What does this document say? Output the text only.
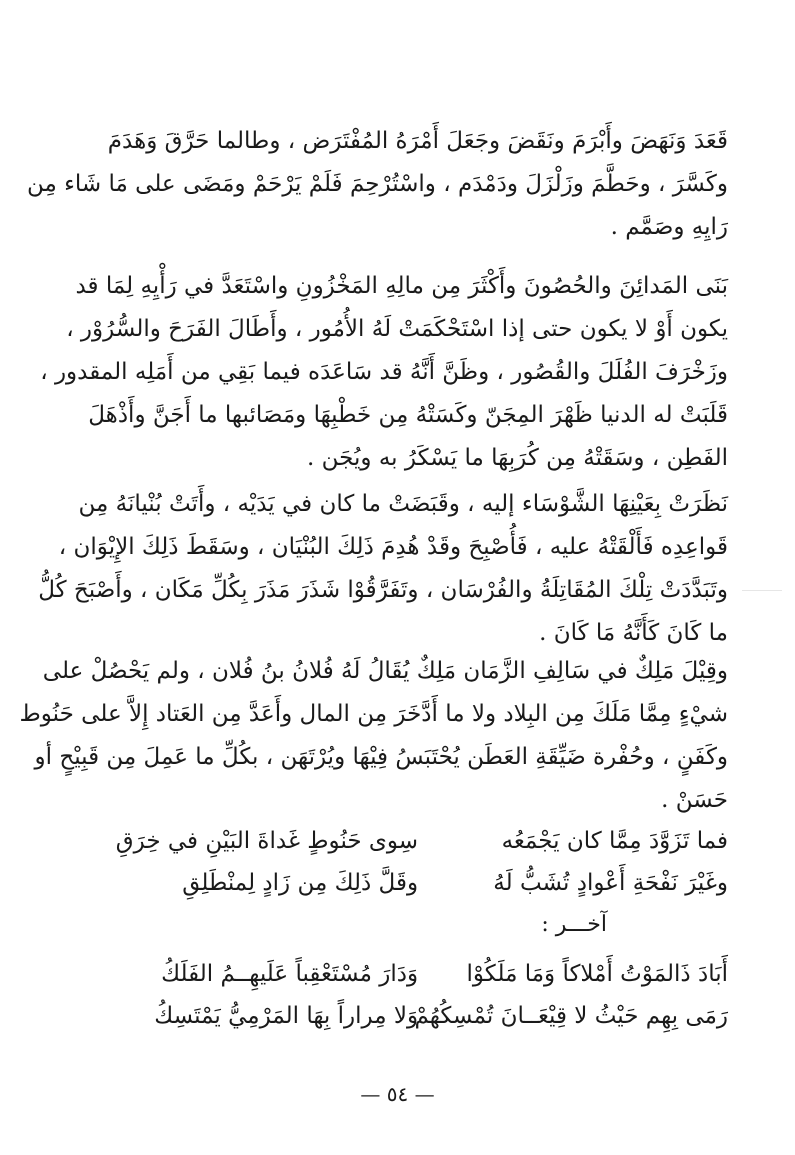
قَعَدَ وَنَهَضَ وأَبْرَمَ ونَقَضَ وجَعَلَ أَمْرَهُ المُفْتَرَض ، وطالما حَرَّقَ وَهَدَمَ
وكَسَّرَ ، وحَطَّمَ وزَلْزَلَ ودَمْدَم ، واسْتُرْحِمَ فَلَمْ يَرْحَمْ ومَضَى على مَا شَاء مِن
رَايِهِ وصَمَّم .
بَنَى المَدائِنَ والحُصُونَ وأَكْثَرَ مِن مالِهِ المَخْزُونِ واسْتَعَدَّ في رَأْيِهِ لِمَا قد
يكون أَوْ لا يكون حتى إذا اسْتَحْكَمَتْ لَهُ الأُمُور ، وأَطَالَ الفَرَحَ والسُّرُوْر ،
وزَخْرَفَ الفُلَلَ والقُصُور ، وظَنَّ أَنَّهُ قد سَاعَدَه فيما بَقِي من أَمَلِه المقدور ،
قَلَبَتْ له الدنيا ظَهْرَ المِجَنّ وكَسَتْهُ مِن خَطْبِهَا ومَصَائبها ما أَجَنَّ وأَذْهَلَ
الفَطِن ، وسَقَتْهُ مِن كُرَبِهَا ما يَسْكَرُ به ويُجَن .
نَظَرَتْ بِعَيْنِهَا الشَّوْسَاء إليه ، وقَبَضَتْ ما كان في يَدَيْه ، وأَتَتْ بُنْيانَهُ مِن
قَواعِدِه فَأَلْقَتْهُ عليه ، فَأُصْبِحَ وقَدْ هُدِمَ ذَلِكَ البُنْيَان ، وسَقَطَ ذَلِكَ الإِيْوَان ،
وتَبَدَّدَتْ تِلْكَ المُقَاتِلَةُ والفُرْسَان ، وتَفَرَّقُوْا شَذَرَ مَذَرَ بِكُلِّ مَكَان ، وأَصْبَحَ كُلُّ
ما كَانَ كَأَنَّهُ مَا كَانَ .
وقِيْلَ مَلِكٌ في سَالِفِ الزَّمَان مَلِكٌ يُقَالُ لَهُ فُلانُ بنُ فُلان ، ولم يَحْصُلْ على
شيْءٍ مِمَّا مَلَكَ مِن البِلاد ولا ما أَدَّخَرَ مِن المال وأَعَدَّ مِن العَتاد إِلاَّ على حَنُوط
وكَفَنٍ ، وحُفْرة ضَيِّقَةِ العَطَن يُحْتَبَسُ فِيْهَا ويُرْتَهَن ، بكُلِّ ما عَمِلَ مِن قَبِيْحٍ أو
حَسَنْ .
فما تَزَوَّدَ مِمَّا كان يَجْمَعُه
سِوى حَنُوطٍ غَداةَ البَيْنِ في خِرَقِ
وغَيْرَ نَفْحَةِ أَعْوادٍ تُشَبُّ لَهُ
وقَلَّ ذَلِكَ مِن زَادٍ لِمنْطَلِقِ
آخـــر :
أَبَادَ ذَالمَوْتُ أَمْلاكاً وَمَا مَلَكُوْا
وَدَارَ مُسْتَعْقِباً عَلَيهِــمُ الفَلَكُ
رَمَى بِهِم حَيْثُ لا قِيْعَــانَ تُمْسِكُهُمْ
وَلا مِراراً بِهَا المَرْمِيُّ يَمْتَسِكُ
— ٥٤ —
